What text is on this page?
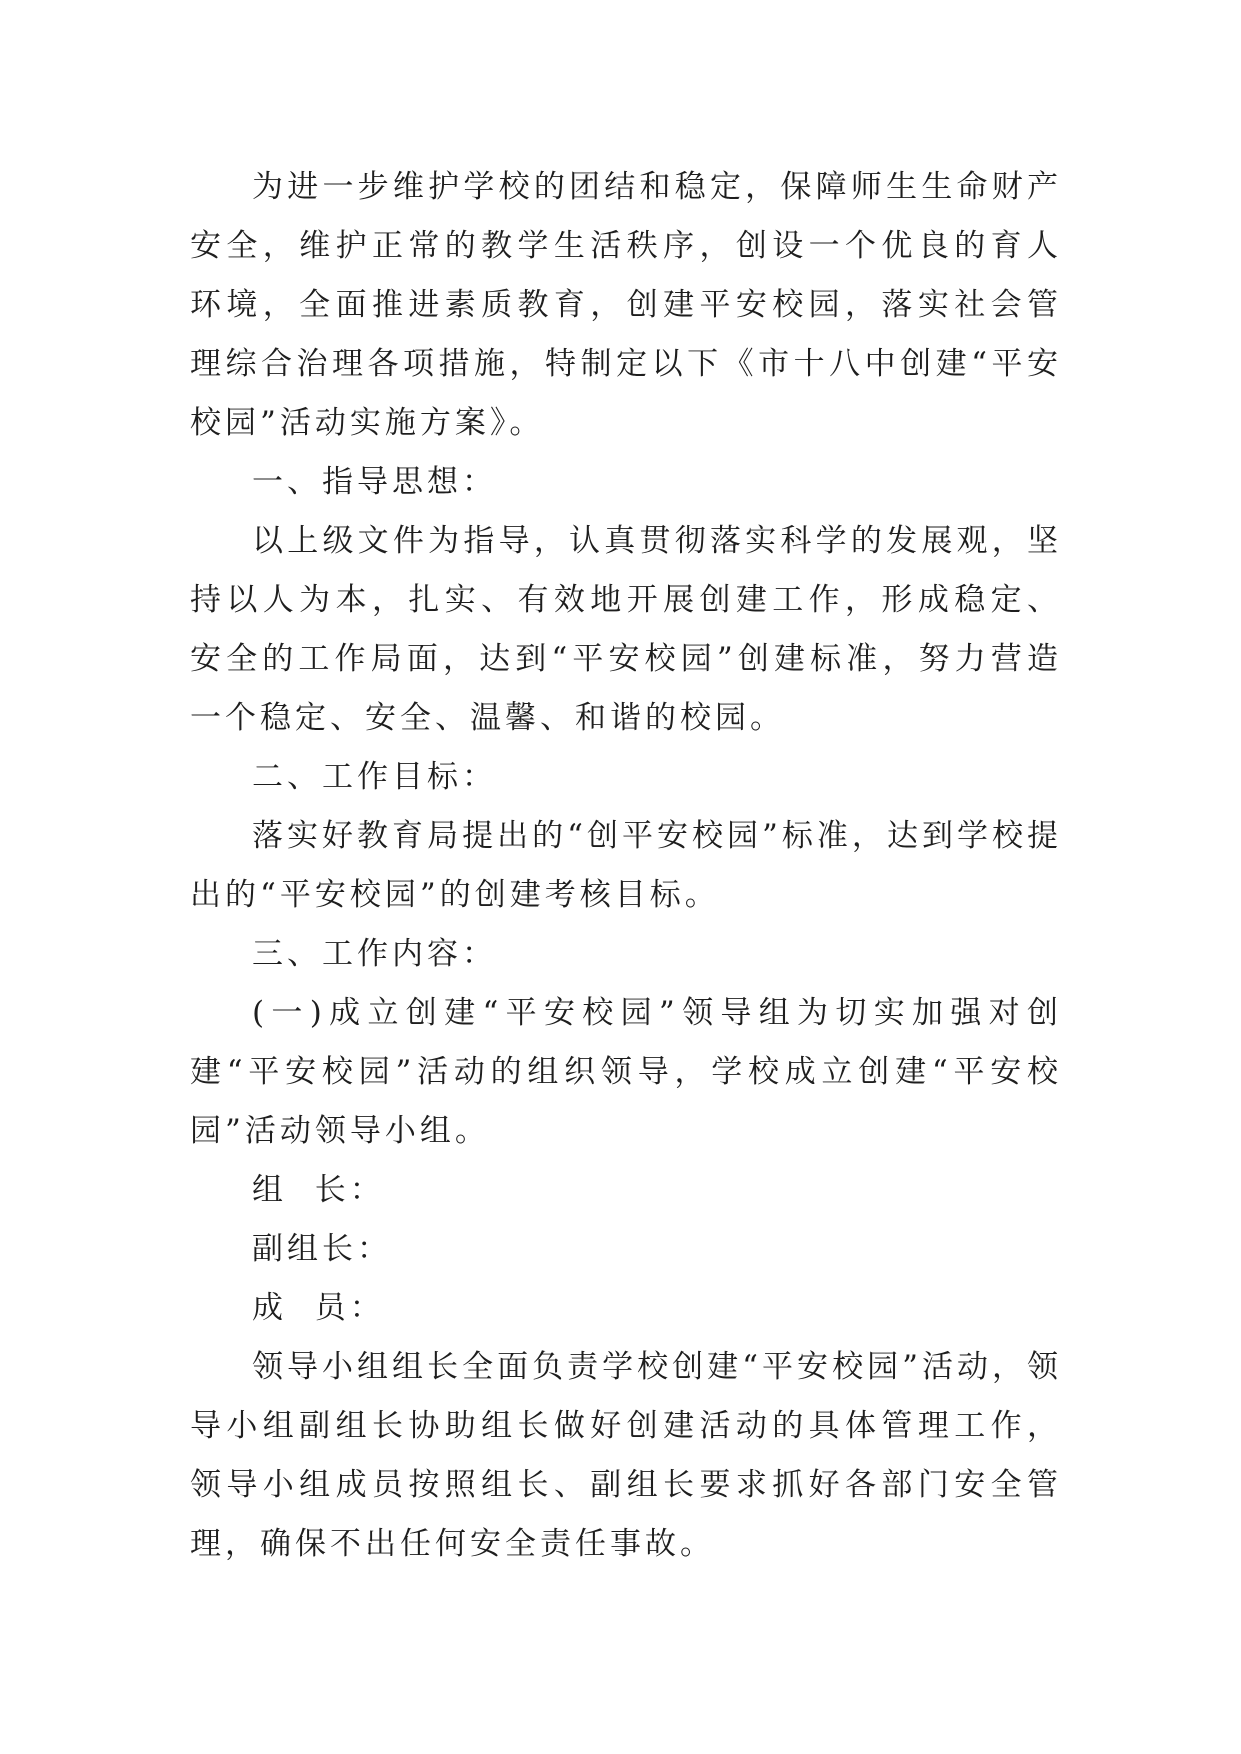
为进一步维护学校的团结和稳定，保障师生生命财产安全，维护正常的教学生活秩序，创设一个优良的育人环境，全面推进素质教育，创建平安校园，落实社会管理综合治理各项措施，特制定以下《市十八中创建“平安校园”活动实施方案》。

一、指导思想：

以上级文件为指导，认真贯彻落实科学的发展观，坚持以人为本，扎实、有效地开展创建工作，形成稳定、安全的工作局面，达到“平安校园”创建标准，努力营造一个稳定、安全、温馨、和谐的校园。

二、工作目标：

落实好教育局提出的“创平安校园”标准，达到学校提出的“平安校园”的创建考核目标。

三、工作内容：

(一)成立创建“平安校园”领导组为切实加强对创建“平安校园”活动的组织领导，学校成立创建“平安校园”活动领导小组。

组  长：

副组长：

成  员：

领导小组组长全面负责学校创建“平安校园”活动，领导小组副组长协助组长做好创建活动的具体管理工作，领导小组成员按照组长、副组长要求抓好各部门安全管理，确保不出任何安全责任事故。
